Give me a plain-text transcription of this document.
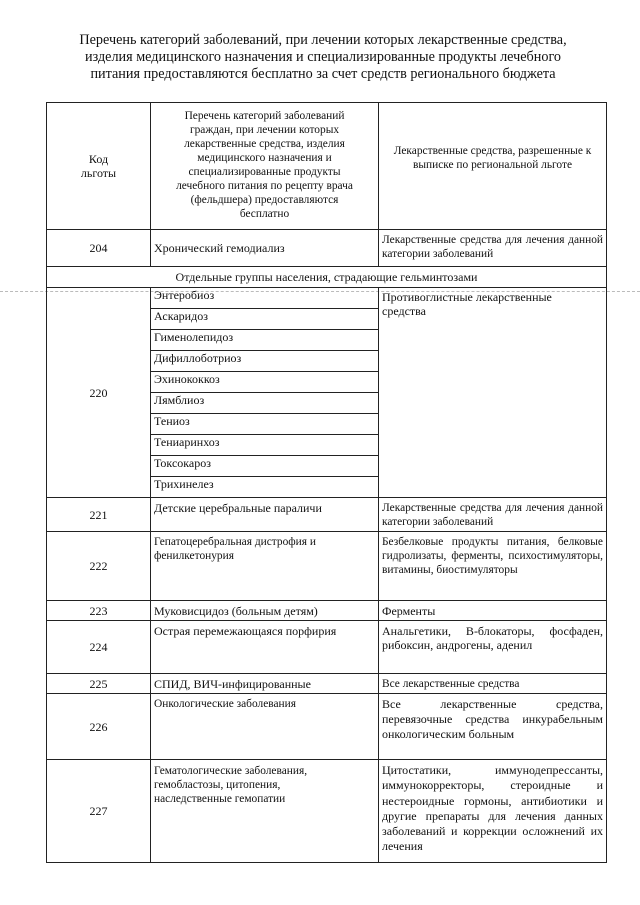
Перечень категорий заболеваний, при лечении которых лекарственные средства,
изделия медицинского назначения и специализированные продукты лечебного
питания предоставляются бесплатно за счет средств регионального бюджета
Код льготы	Перечень категорий заболеваний граждан, при лечении которых лекарственные средства, изделия медицинского назначения и специализированные продукты лечебного питания по рецепту врача (фельдшера) предоставляются бесплатно	Лекарственные средства, разрешенные к выписке по региональной льготе
204	Хронический гемодиализ	Лекарственные средства для лечения данной категории заболеваний
Отдельные группы населения, страдающие гельминтозами		
220	Энтеробиоз	Противоглистные лекарственные средства
	Аскаридоз	
	Гименолепидоз	
	Дифиллоботриоз	
	Эхинококкоз	
	Лямблиоз	
	Тениоз	
	Тениаринхоз	
	Токсокароз	
	Трихинелез	
221	Детские церебральные параличи	Лекарственные средства для лечения данной категории заболеваний
222	Гепатоцеребральная дистрофия и фенилкетонурия	Безбелковые продукты питания, белковые гидролизаты, ферменты, психостимуляторы, витамины, биостимуляторы
223	Муковисцидоз (больным детям)	Ферменты
224	Острая перемежающаяся порфирия	Анальгетики, В-блокаторы, фосфаден, рибоксин, андрогены, аденил
225	СПИД, ВИЧ-инфицированные	Все лекарственные средства
226	Онкологические заболевания	Все лекарственные средства, перевязочные средства инкурабельным онкологическим больным
227	Гематологические заболевания, гемобластозы, цитопения, наследственные гемопатии	Цитостатики, иммунодепрессанты, иммунокорректоры, стероидные и нестероидные гормоны, антибиотики и другие препараты для лечения данных заболеваний и коррекции осложнений их лечения
